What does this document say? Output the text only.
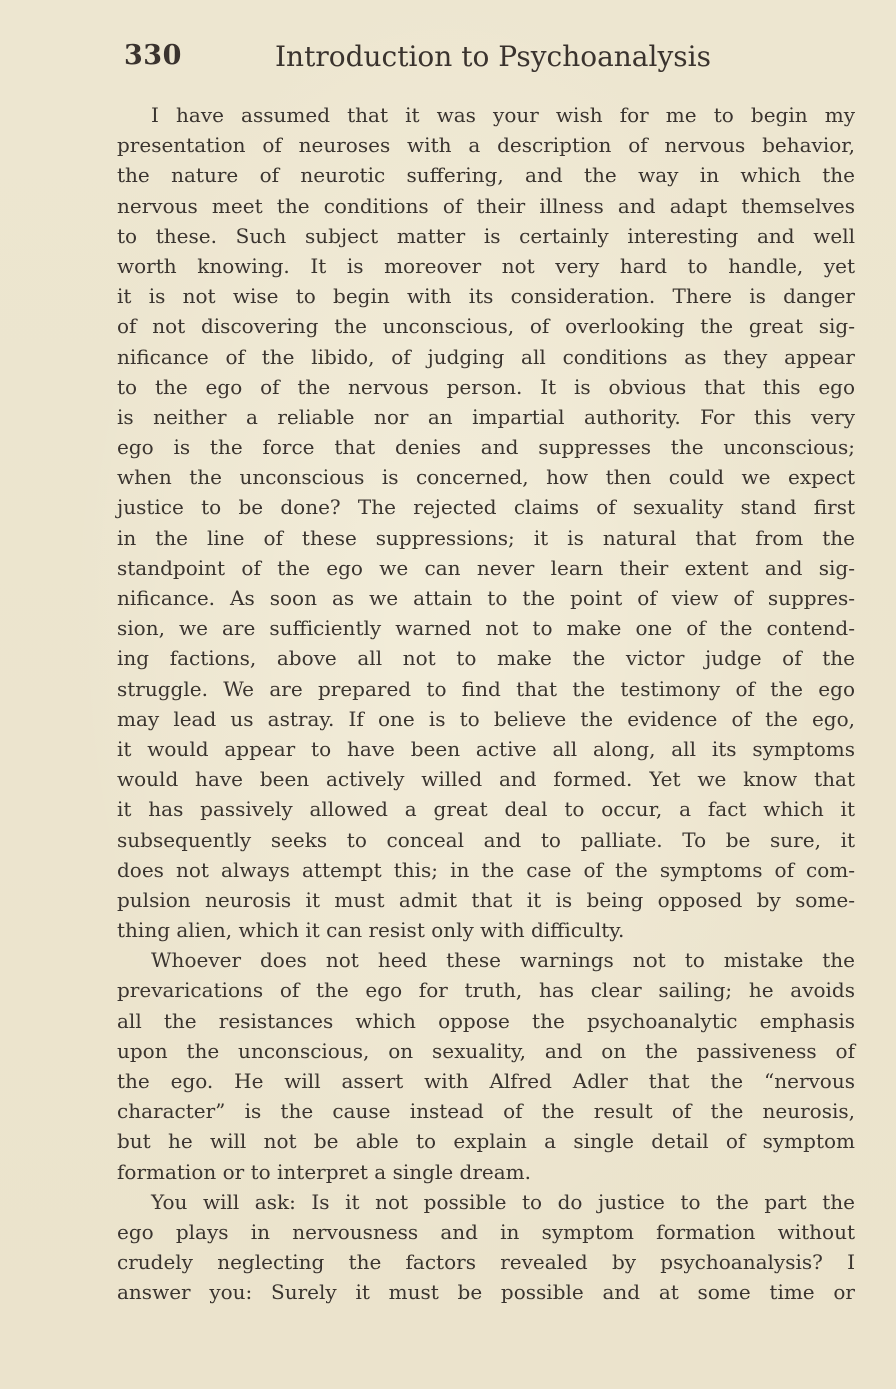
330	Introduction to Psychoanalysis
I have assumed that it was your wish for me to begin my
presentation of neuroses with a description of nervous behavior,
the nature of neurotic suffering, and the way in which the
nervous meet the conditions of their illness and adapt themselves
to these. Such subject matter is certainly interesting and well
worth knowing. It is moreover not very hard to handle, yet
it is not wise to begin with its consideration. There is danger
of not discovering the unconscious, of overlooking the great sig-
nificance of the libido, of judging all conditions as they appear
to the ego of the nervous person. It is obvious that this ego
is neither a reliable nor an impartial authority. For this very
ego is the force that denies and suppresses the unconscious;
when the unconscious is concerned, how then could we expect
justice to be done? The rejected claims of sexuality stand first
in the line of these suppressions; it is natural that from the
standpoint of the ego we can never learn their extent and sig-
nificance. As soon as we attain to the point of view of suppres-
sion, we are sufficiently warned not to make one of the contend-
ing factions, above all not to make the victor judge of the
struggle. We are prepared to find that the testimony of the ego
may lead us astray. If one is to believe the evidence of the ego,
it would appear to have been active all along, all its symptoms
would have been actively willed and formed. Yet we know that
it has passively allowed a great deal to occur, a fact which it
subsequently seeks to conceal and to palliate. To be sure, it
does not always attempt this; in the case of the symptoms of com-
pulsion neurosis it must admit that it is being opposed by some-
thing alien, which it can resist only with difficulty.
Whoever does not heed these warnings not to mistake the
prevarications of the ego for truth, has clear sailing; he avoids
all the resistances which oppose the psychoanalytic emphasis
upon the unconscious, on sexuality, and on the passiveness of
the ego. He will assert with Alfred Adler that the “nervous
character” is the cause instead of the result of the neurosis,
but he will not be able to explain a single detail of symptom
formation or to interpret a single dream.
You will ask: Is it not possible to do justice to the part the
ego plays in nervousness and in symptom formation without
crudely neglecting the factors revealed by psychoanalysis? I
answer you: Surely it must be possible and at some time or
